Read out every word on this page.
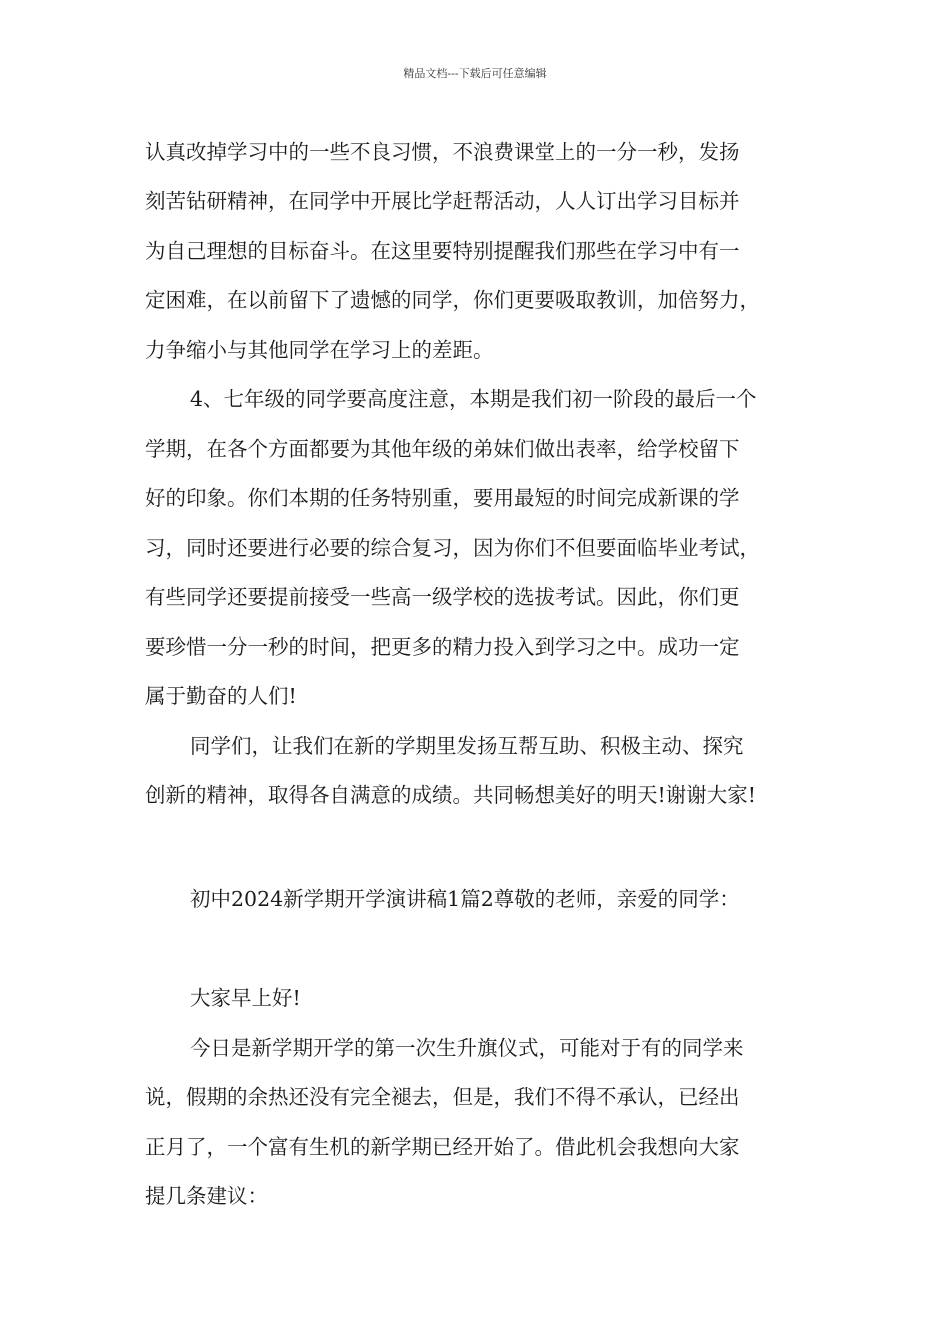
精品文档---下载后可任意编辑
认真改掉学习中的一些不良习惯，不浪费课堂上的一分一秒，发扬
刻苦钻研精神，在同学中开展比学赶帮活动，人人订出学习目标并
为自己理想的目标奋斗。在这里要特别提醒我们那些在学习中有一
定困难，在以前留下了遗憾的同学，你们更要吸取教训，加倍努力，
力争缩小与其他同学在学习上的差距。
4、七年级的同学要高度注意，本期是我们初一阶段的最后一个
学期，在各个方面都要为其他年级的弟妹们做出表率，给学校留下
好的印象。你们本期的任务特别重，要用最短的时间完成新课的学
习，同时还要进行必要的综合复习，因为你们不但要面临毕业考试，
有些同学还要提前接受一些高一级学校的选拔考试。因此，你们更
要珍惜一分一秒的时间，把更多的精力投入到学习之中。成功一定
属于勤奋的人们!
同学们，让我们在新的学期里发扬互帮互助、积极主动、探究
创新的精神，取得各自满意的成绩。共同畅想美好的明天!谢谢大家!
初中2024新学期开学演讲稿1篇2尊敬的老师，亲爱的同学：
大家早上好!
今日是新学期开学的第一次生升旗仪式，可能对于有的同学来
说，假期的余热还没有完全褪去，但是，我们不得不承认，已经出
正月了，一个富有生机的新学期已经开始了。借此机会我想向大家
提几条建议：
